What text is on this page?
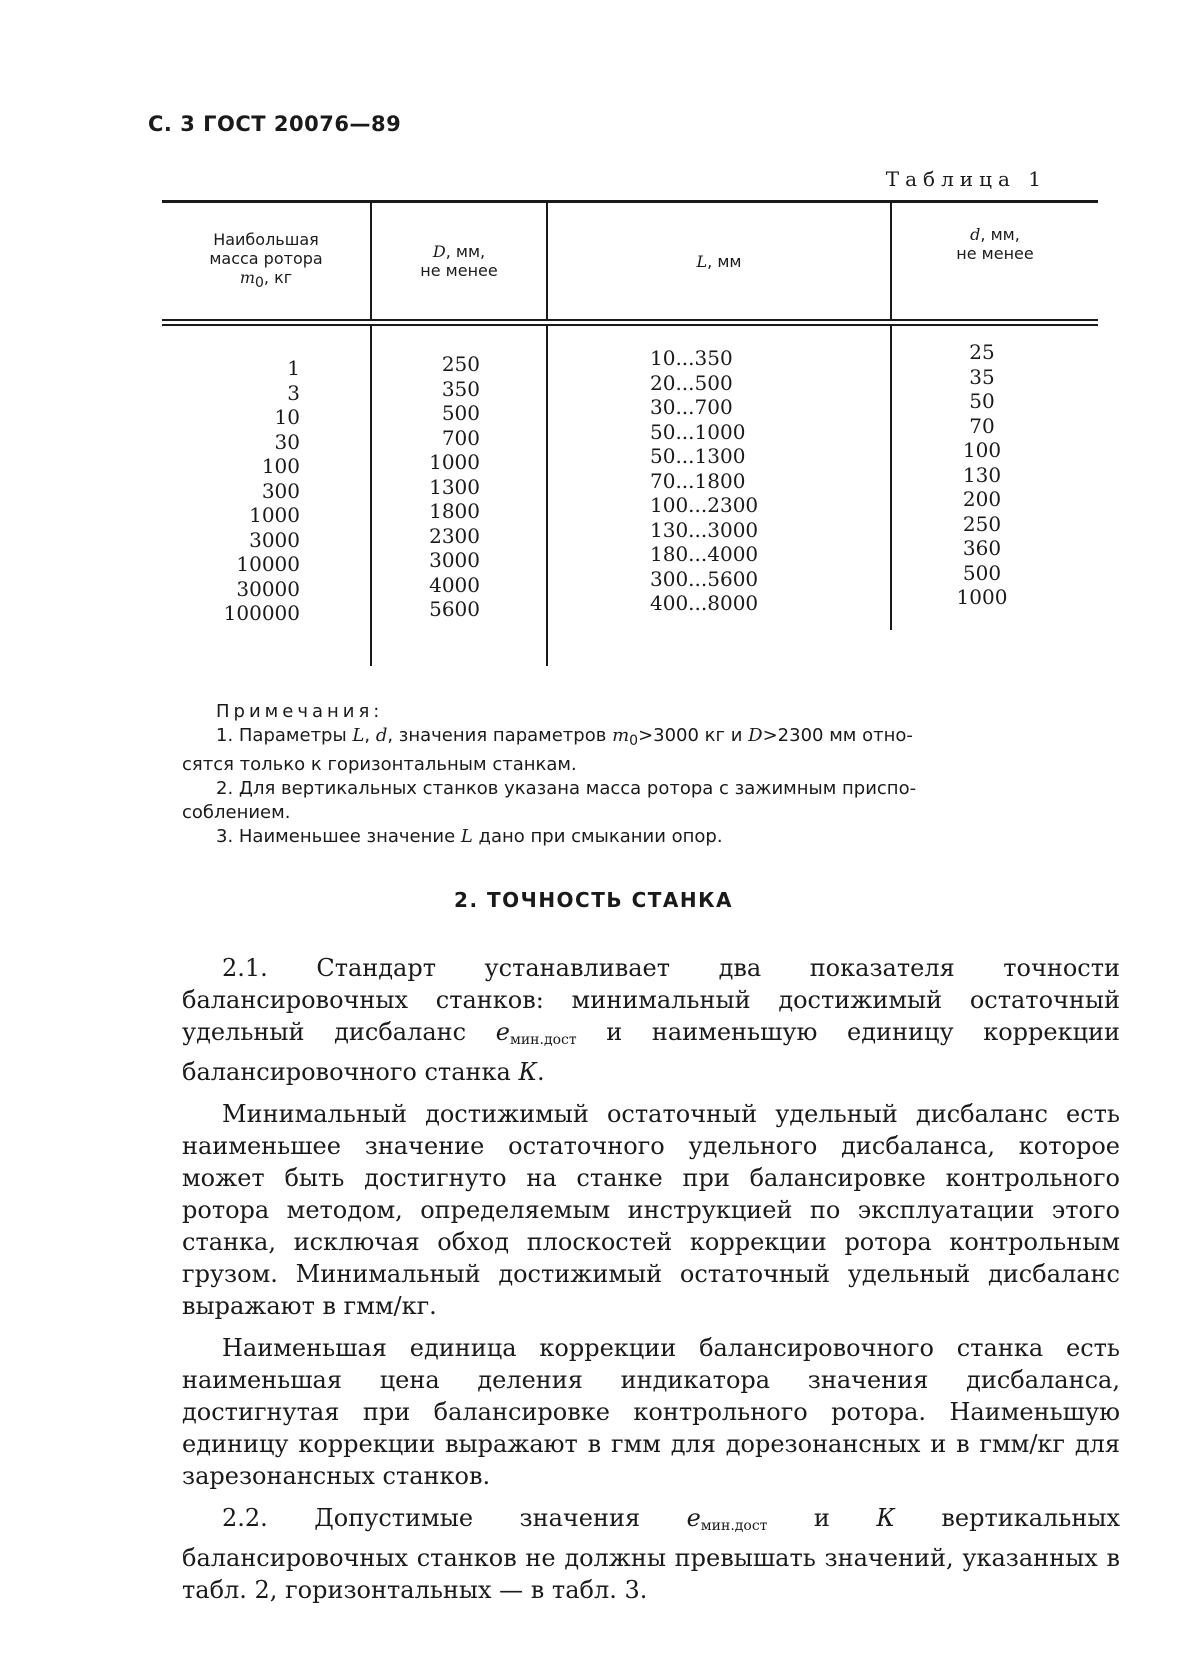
С. 3 ГОСТ 20076—89
Таблица 1
Наибольшая
масса ротора
m0, кг
D, мм,
не менее	L, мм
d, мм,
не менее
1
3
10
30
100
300
1000
3000
10000
30000
100000
250
350
500
700
1000
1300
1800
2300
3000
4000
5600
10...350
20...500
30...700
50...1000
50...1300
70...1800
100...2300
130...3000
180...4000
300...5600
400...8000
25
35
50
70
100
130
200
250
360
500
1000
Примечания:
1. Параметры L, d, значения параметров $m_0>3000$ кг и D>2300 мм отно-
сятся только к горизонтальным станкам.
2. Для вертикальных станков указана масса ротора с зажимным приспо-
соблением.
3. Наименьшее значение L дано при смыкании опор.
2. ТОЧНОСТЬ СТАНКА

2.1. Стандарт устанавливает два показателя точности балансировочных станков: минимальный достижимый остаточный удельный дисбаланс $е_{мин.дост}$ и наименьшую единицу коррекции балансировочного станка К.

Минимальный достижимый остаточный удельный дисбаланс есть наименьшее значение остаточного удельного дисбаланса, которое может быть достигнуто на станке при балансировке контрольного ротора методом, определяемым инструкцией по эксплуатации этого станка, исключая обход плоскостей коррекции ротора контрольным грузом. Минимальный достижимый остаточный удельный дисбаланс выражают в гмм/кг.

Наименьшая единица коррекции балансировочного станка есть наименьшая цена деления индикатора значения дисбаланса, достигнутая при балансировке контрольного ротора. Наименьшую единицу коррекции выражают в гмм для дорезонансных и в гмм/кг для зарезонансных станков.

2.2. Допустимые значения $е_{мин.дост}$ и К вертикальных балансировочных станков не должны превышать значений, указанных в табл. 2, горизонтальных — в табл. 3.
